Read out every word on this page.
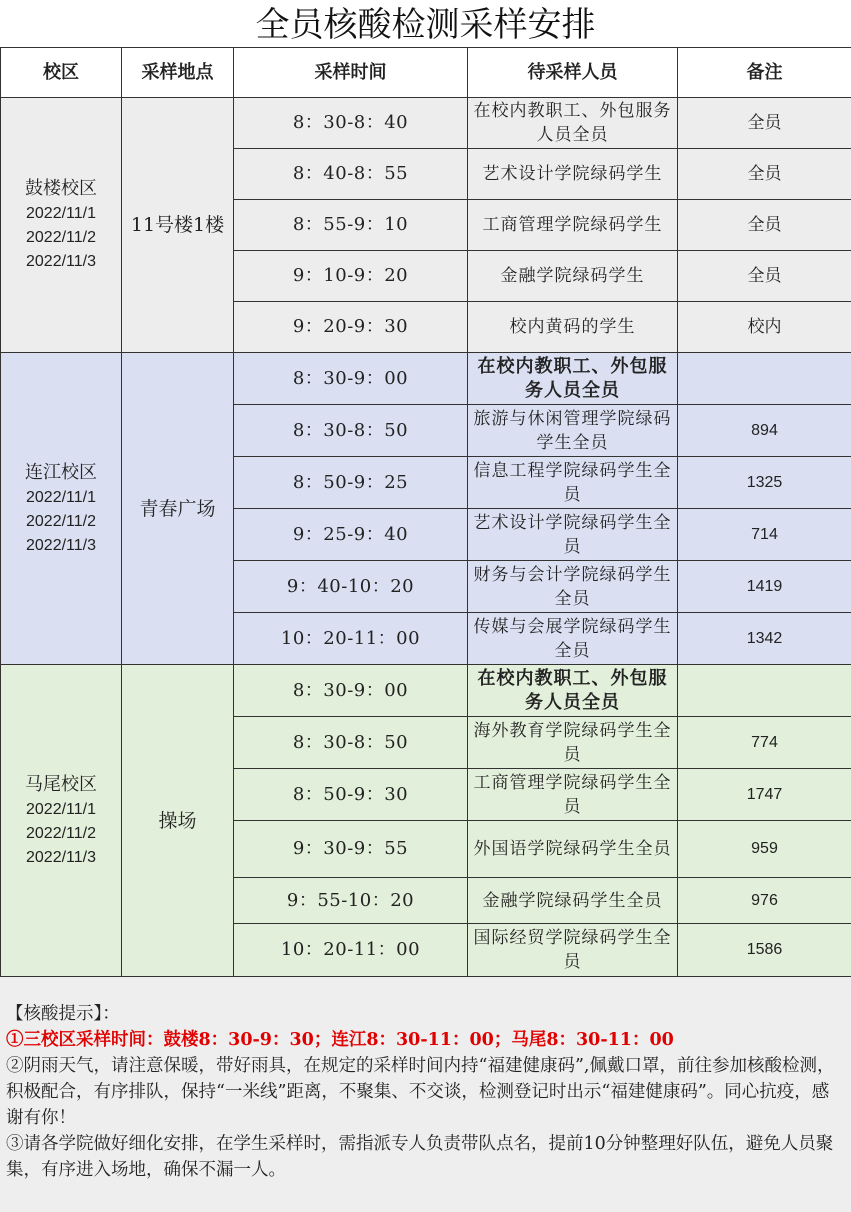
全员核酸检测采样安排
校区	采样地点	采样时间	待采样人员	备注

鼓楼校区
2022/11/1
2022/11/2
2022/11/3	11号楼1楼	8：30-8：40	在校内教职工、外包服务人员全员	全员
		8：40-8：55	艺术设计学院绿码学生	全员
		8：55-9：10	工商管理学院绿码学生	全员
		9：10-9：20	金融学院绿码学生	全员
		9：20-9：30	校内黄码的学生	校内

连江校区
2022/11/1
2022/11/2
2022/11/3	青春广场	8：30-9：00	在校内教职工、外包服务人员全员	
		8：30-8：50	旅游与休闲管理学院绿码学生全员	894
		8：50-9：25	信息工程学院绿码学生全员	1325
		9：25-9：40	艺术设计学院绿码学生全员	714
		9：40-10：20	财务与会计学院绿码学生全员	1419
		10：20-11：00	传媒与会展学院绿码学生全员	1342

马尾校区
2022/11/1
2022/11/2
2022/11/3	操场	8：30-9：00	在校内教职工、外包服务人员全员	
		8：30-8：50	海外教育学院绿码学生全员	774
		8：50-9：30	工商管理学院绿码学生全员	1747
		9：30-9：55	外国语学院绿码学生全员	959
		9：55-10：20	金融学院绿码学生全员	976
		10：20-11：00	国际经贸学院绿码学生全员	1586

【核酸提示】：

①三校区采样时间：鼓楼8：30-9：30；连江8：30-11：00；马尾8：30-11：00

②阴雨天气，请注意保暖，带好雨具，在规定的采样时间内持“福建健康码”,佩戴口罩，前往参加核酸检测，积极配合，有序排队，保持“一米线”距离，不聚集、不交谈，检测登记时出示“福建健康码”。同心抗疫，感谢有你！

③请各学院做好细化安排，在学生采样时，需指派专人负责带队点名，提前10分钟整理好队伍，避免人员聚集，有序进入场地，确保不漏一人。
